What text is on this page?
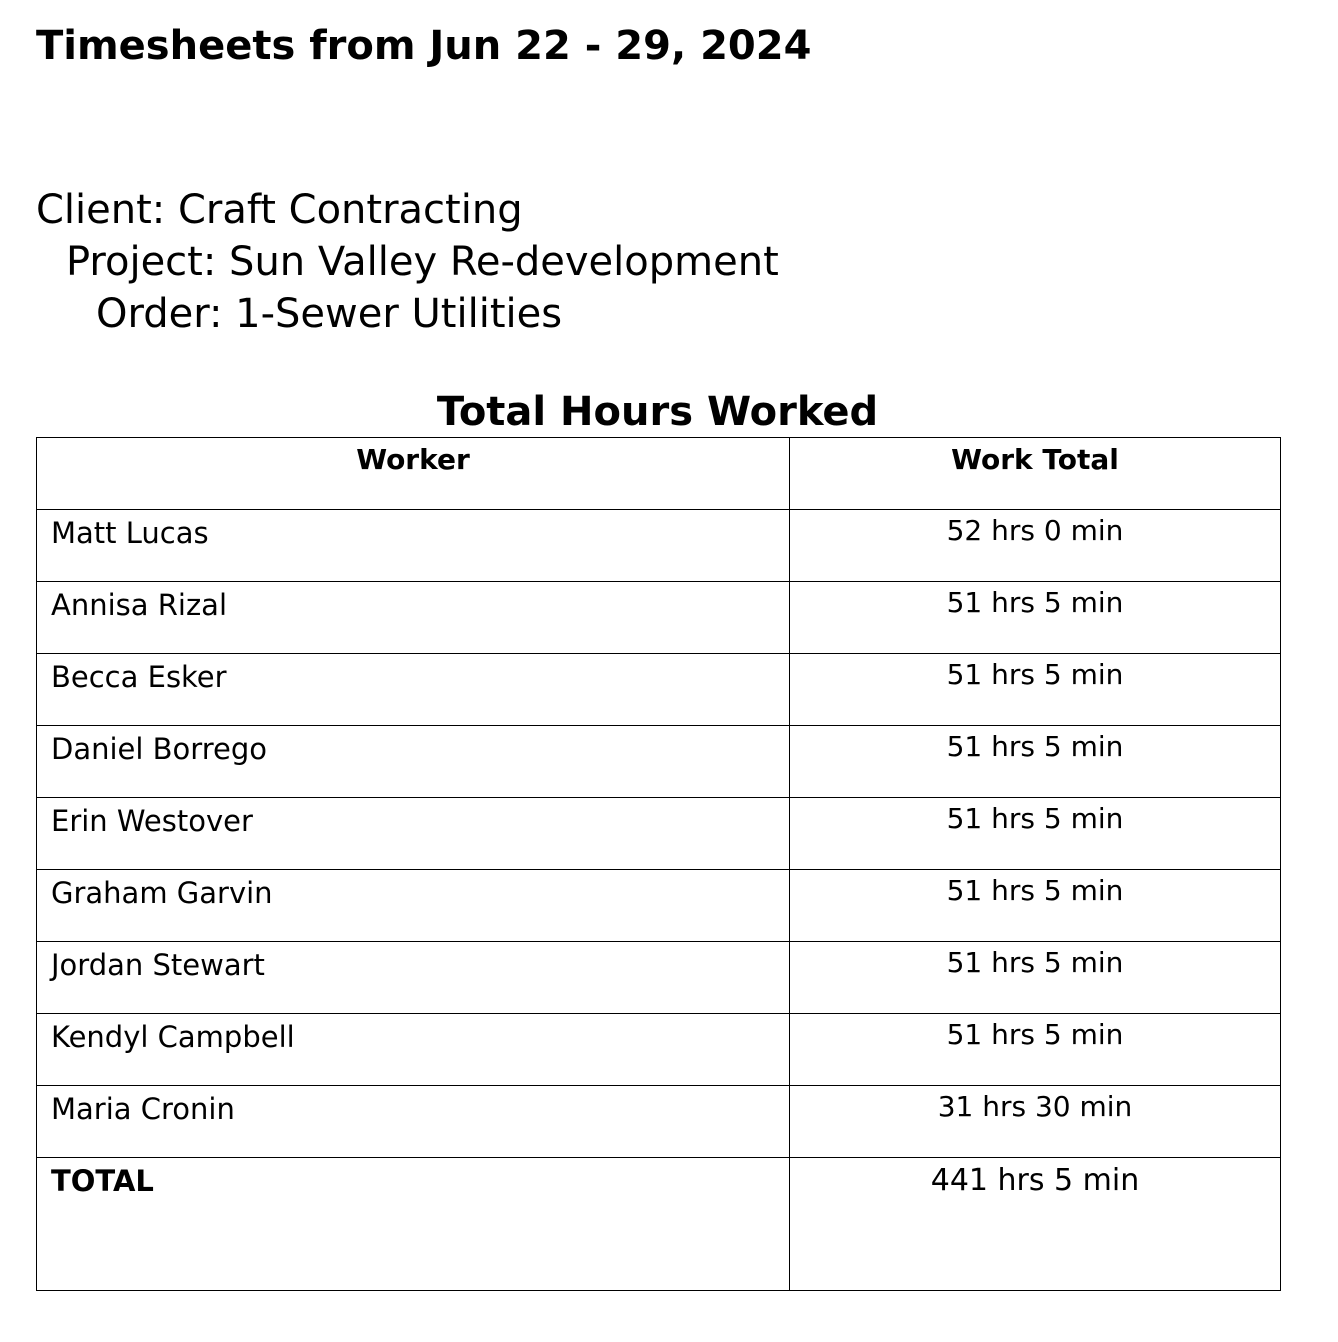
Timesheets from Jun 22 - 29, 2024

Client: Craft Contracting

Project: Sun Valley Re-development

Order: 1-Sewer Utilities

Total Hours Worked
Worker	Work Total
Matt Lucas	52 hrs 0 min
Annisa Rizal	51 hrs 5 min
Becca Esker	51 hrs 5 min
Daniel Borrego	51 hrs 5 min
Erin Westover	51 hrs 5 min
Graham Garvin	51 hrs 5 min
Jordan Stewart	51 hrs 5 min
Kendyl Campbell	51 hrs 5 min
Maria Cronin	31 hrs 30 min
TOTAL	441 hrs 5 min
